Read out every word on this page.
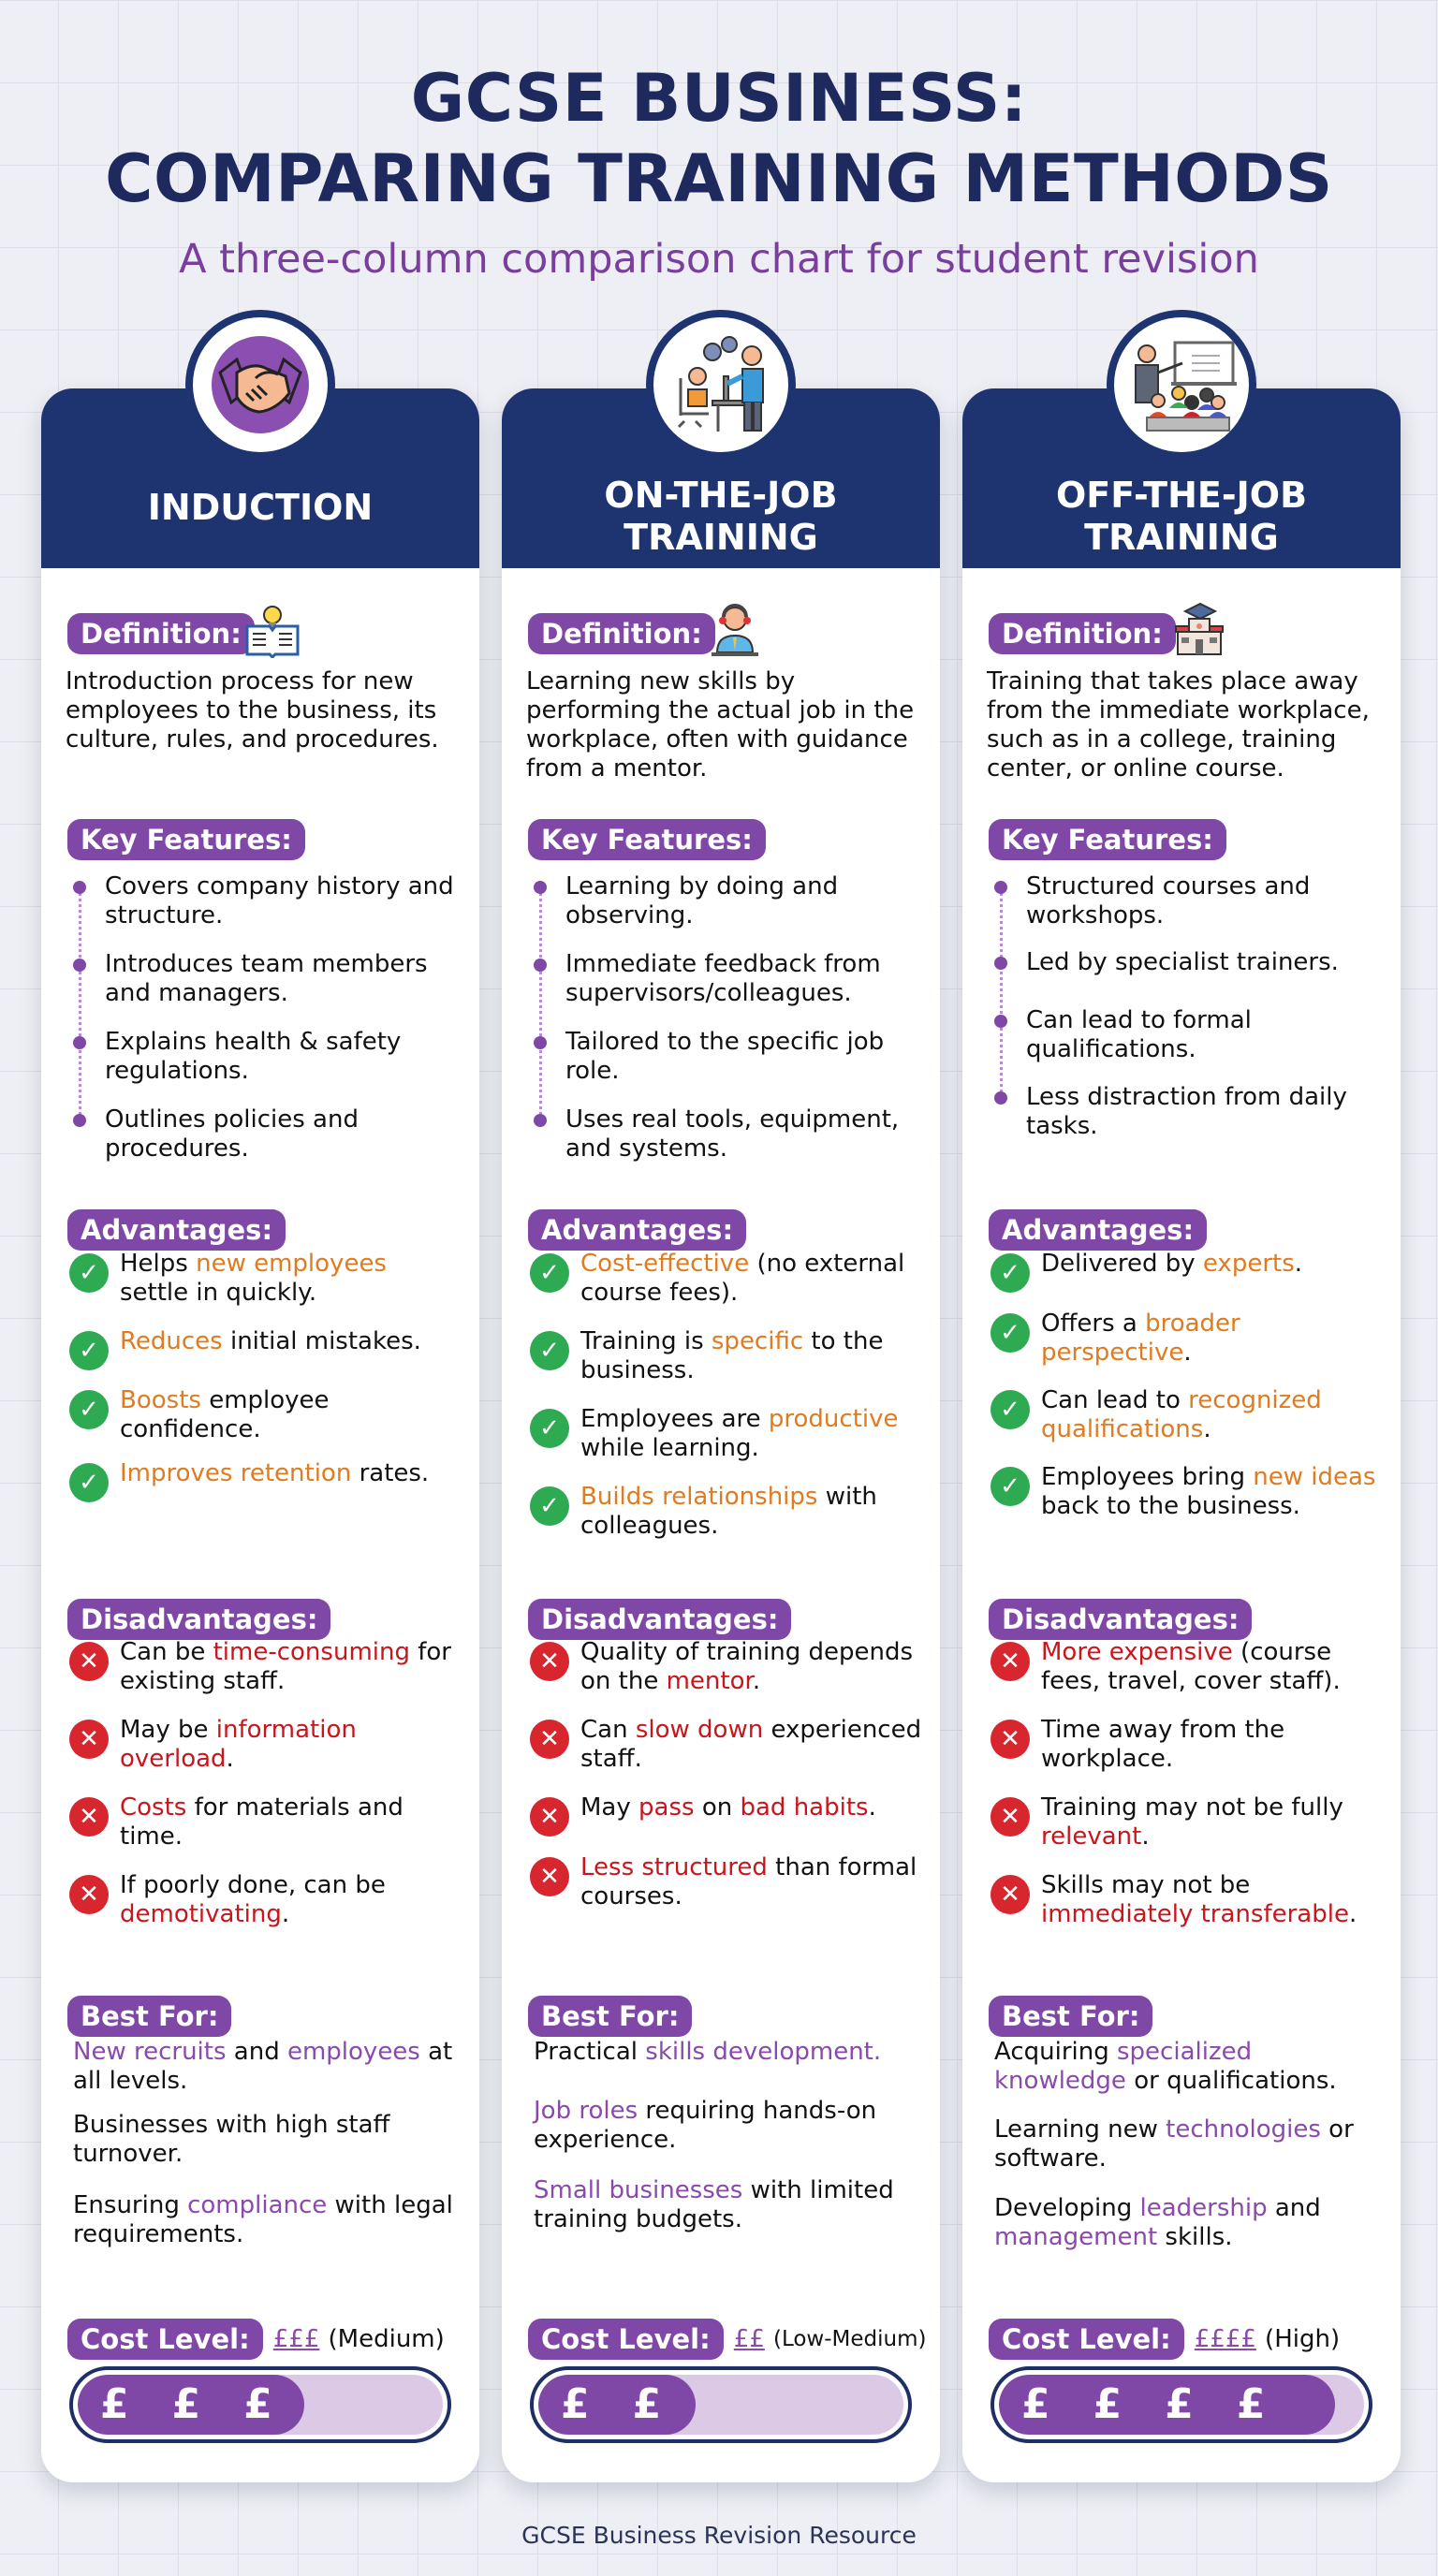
GCSE BUSINESS:
COMPARING TRAINING METHODS
A three-column comparison chart for student revision
INDUCTION
Definition:
Introduction process for new employees to the business, its culture, rules, and procedures.
Key Features:
Covers company history and structure.
Introduces team members and managers.
Explains health & safety regulations.
Outlines policies and procedures.
Advantages:
✓ Helps new employees settle in quickly.
✓ Reduces initial mistakes.
✓ Boosts employee confidence.
✓ Improves retention rates.
Disadvantages:
✕ Can be time-consuming for existing staff.
✕ May be information overload.
✕ Costs for materials and time.
✕ If poorly done, can be demotivating.
Best For:
New recruits and employees at all levels.
Businesses with high staff turnover.
Ensuring compliance with legal requirements.
Cost Level: £££ (Medium)
£ £ £
ON-THE-JOB
TRAINING
Definition:
Learning new skills by performing the actual job in the workplace, often with guidance from a mentor.
Key Features:
Learning by doing and observing.
Immediate feedback from supervisors/colleagues.
Tailored to the specific job role.
Uses real tools, equipment, and systems.
Advantages:
✓ Cost-effective (no external course fees).
✓ Training is specific to the business.
✓ Employees are productive while learning.
✓ Builds relationships with colleagues.
Disadvantages:
✕ Quality of training depends on the mentor.
✕ Can slow down experienced staff.
✕ May pass on bad habits.
✕ Less structured than formal courses.
Best For:
Practical skills development.
Job roles requiring hands-on experience.
Small businesses with limited training budgets.
Cost Level: ££ (Low-Medium)
£ £
OFF-THE-JOB
TRAINING
Definition:
Training that takes place away from the immediate workplace, such as in a college, training center, or online course.
Key Features:
Structured courses and workshops.
Led by specialist trainers.
Can lead to formal qualifications.
Less distraction from daily tasks.
Advantages:
✓ Delivered by experts.
✓ Offers a broader perspective.
✓ Can lead to recognized qualifications.
✓ Employees bring new ideas back to the business.
Disadvantages:
✕ More expensive (course fees, travel, cover staff).
✕ Time away from the workplace.
✕ Training may not be fully relevant.
✕ Skills may not be immediately transferable.
Best For:
Acquiring specialized knowledge or qualifications.
Learning new technologies or software.
Developing leadership and management skills.
Cost Level: ££££ (High)
£ £ £ £
GCSE Business Revision Resource
